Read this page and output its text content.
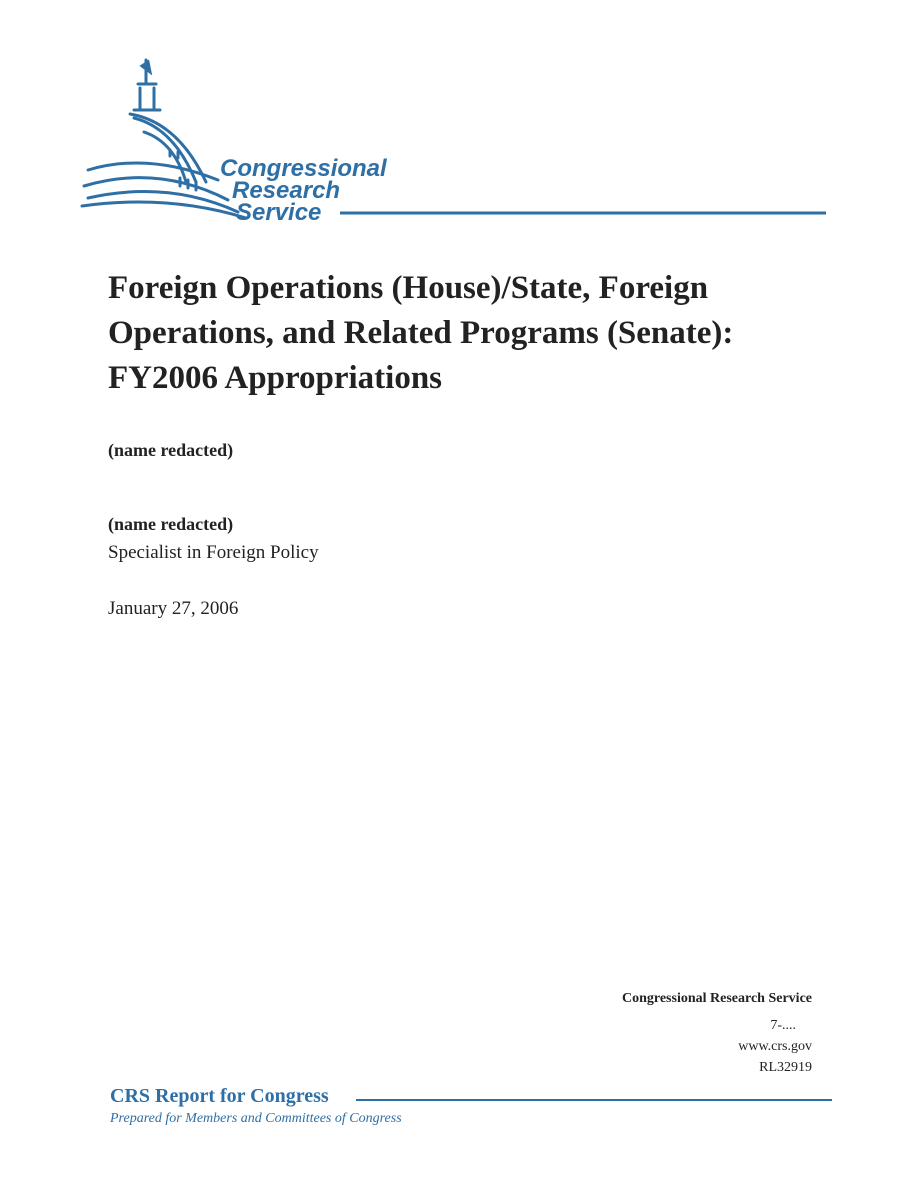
Congressional
Research
Service
Foreign Operations (House)/State, Foreign
Operations, and Related Programs (Senate):
FY2006 Appropriations
(name redacted)
(name redacted)
Specialist in Foreign Policy
January 27, 2006
Congressional Research Service
7-....
www.crs.gov
RL32919
CRS Report for Congress
Prepared for Members and Committees of Congress
